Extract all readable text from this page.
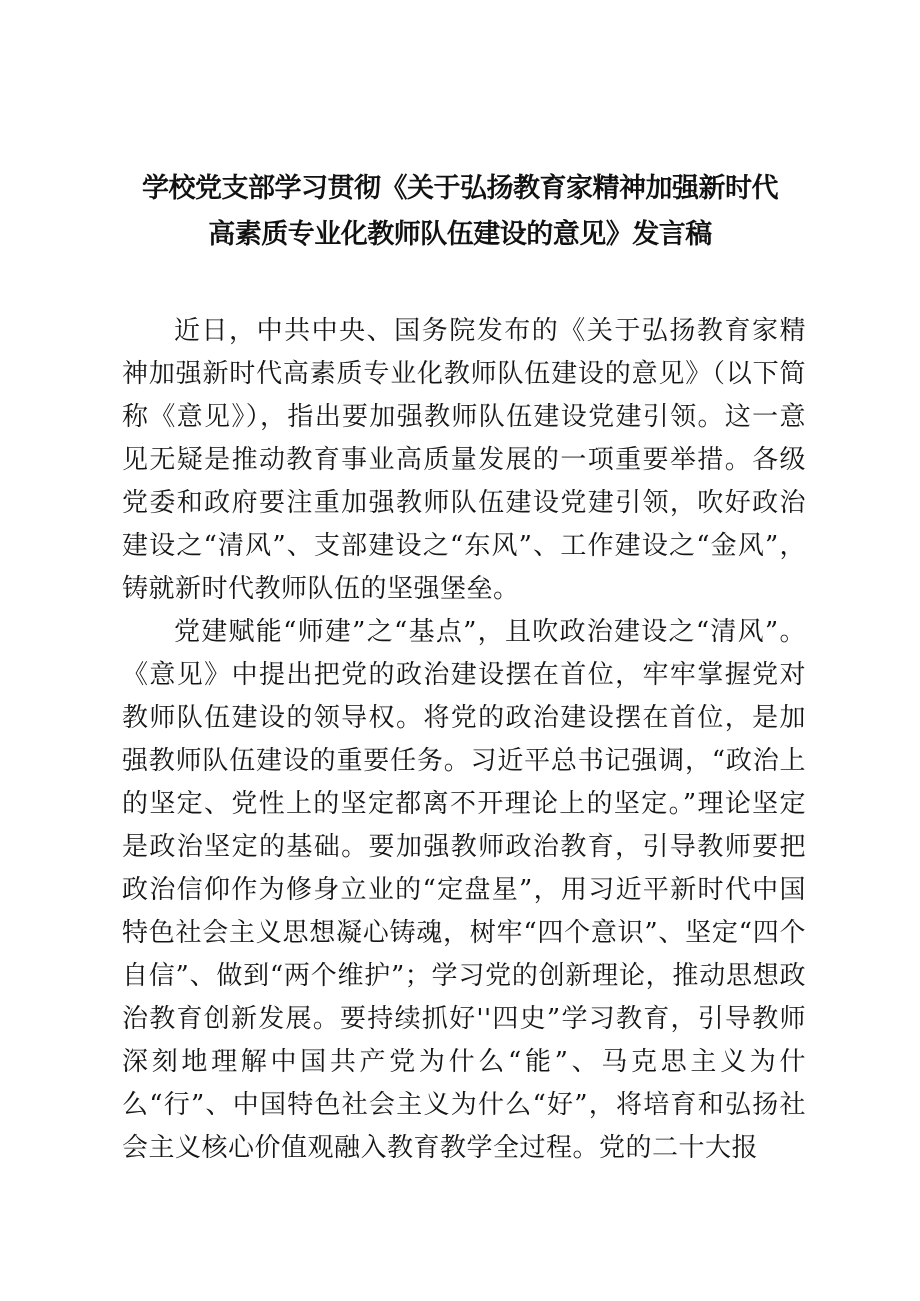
学校党支部学习贯彻《关于弘扬教育家精神加强新时代
高素质专业化教师队伍建设的意见》发言稿

近日，中共中央、国务院发布的《关于弘扬教育家精神加强新时代高素质专业化教师队伍建设的意见》（以下简称《意见》），指出要加强教师队伍建设党建引领。这一意见无疑是推动教育事业高质量发展的一项重要举措。各级党委和政府要注重加强教师队伍建设党建引领，吹好政治建设之“清风”、支部建设之“东风”、工作建设之“金风”，铸就新时代教师队伍的坚强堡垒。

党建赋能“师建”之“基点”，且吹政治建设之“清风”。《意见》中提出把党的政治建设摆在首位，牢牢掌握党对教师队伍建设的领导权。将党的政治建设摆在首位，是加强教师队伍建设的重要任务。习近平总书记强调，“政治上的坚定、党性上的坚定都离不开理论上的坚定。”理论坚定是政治坚定的基础。要加强教师政治教育，引导教师要把政治信仰作为修身立业的“定盘星”，用习近平新时代中国特色社会主义思想凝心铸魂，树牢“四个意识”、坚定“四个自信”、做到“两个维护”；学习党的创新理论，推动思想政治教育创新发展。要持续抓好''四史”学习教育，引导教师深刻地理解中国共产党为什么“能”、马克思主义为什么“行”、中国特色社会主义为什么“好”，将培育和弘扬社会主义核心价值观融入教育教学全过程。党的二十大报
